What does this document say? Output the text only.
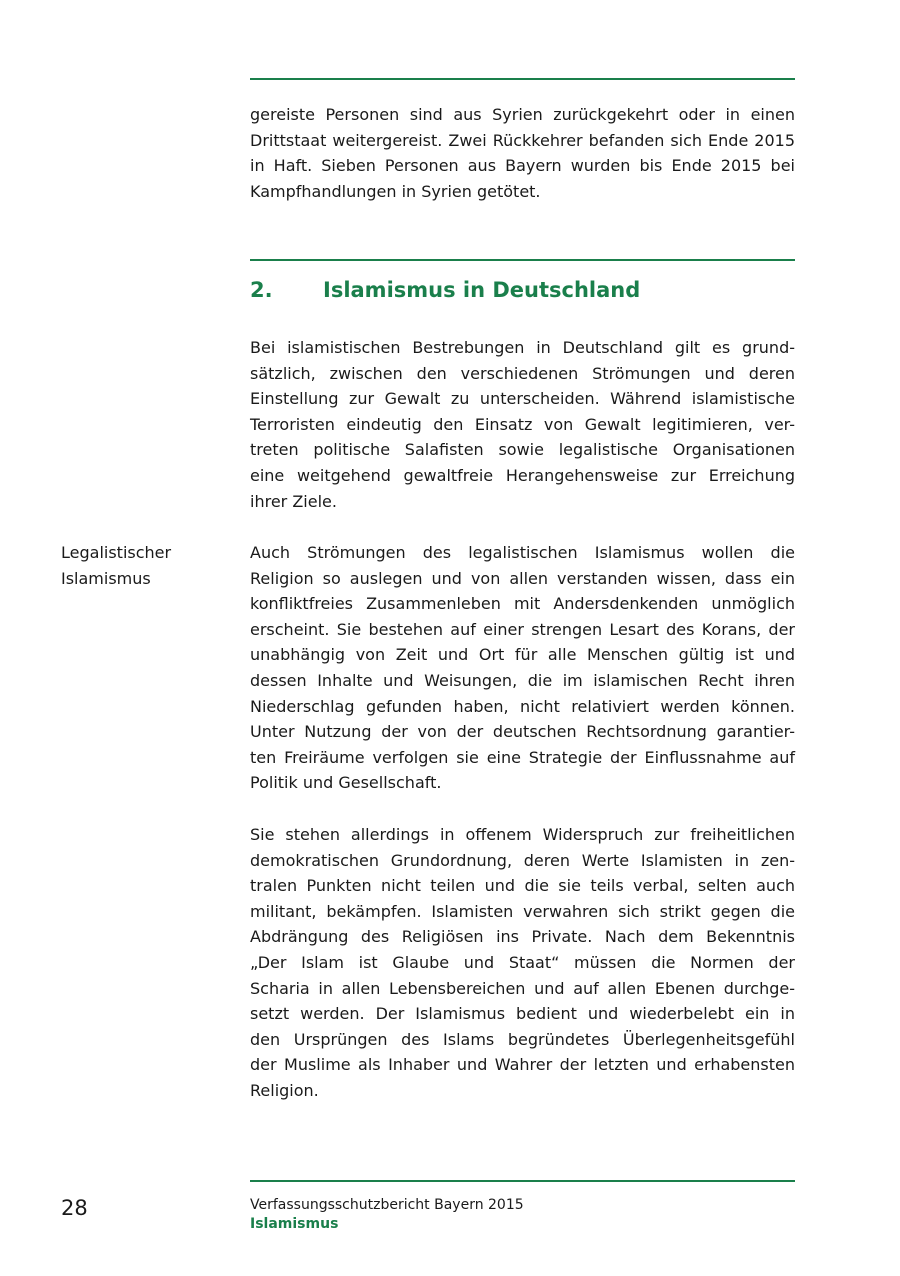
gereiste Personen sind aus Syrien zurückgekehrt oder in einen
Drittstaat weitergereist. Zwei Rückkehrer befanden sich Ende 2015
in Haft. Sieben Personen aus Bayern wurden bis Ende 2015 bei
Kampfhandlungen in Syrien getötet.

2.	Islamismus in Deutschland

Bei islamistischen Bestrebungen in Deutschland gilt es grund-
sätzlich, zwischen den verschiedenen Strömungen und deren
Einstellung zur Gewalt zu unterscheiden. Während islamistische
Terroristen eindeutig den Einsatz von Gewalt legitimieren, ver-
treten politische Salafisten sowie legalistische Organisationen
eine weitgehend gewaltfreie Herangehensweise zur Erreichung
ihrer Ziele.

Legalistischer
Islamismus

Auch Strömungen des legalistischen Islamismus wollen die
Religion so auslegen und von allen verstanden wissen, dass ein
konfliktfreies Zusammenleben mit Andersdenkenden unmöglich
erscheint. Sie bestehen auf einer strengen Lesart des Korans, der
unabhängig von Zeit und Ort für alle Menschen gültig ist und
dessen Inhalte und Weisungen, die im islamischen Recht ihren
Niederschlag gefunden haben, nicht relativiert werden können.
Unter Nutzung der von der deutschen Rechtsordnung garantier-
ten Freiräume verfolgen sie eine Strategie der Einflussnahme auf
Politik und Gesellschaft.

Sie stehen allerdings in offenem Widerspruch zur freiheitlichen
demokratischen Grundordnung, deren Werte Islamisten in zen-
tralen Punkten nicht teilen und die sie teils verbal, selten auch
militant, bekämpfen. Islamisten verwahren sich strikt gegen die
Abdrängung des Religiösen ins Private. Nach dem Bekenntnis
„Der Islam ist Glaube und Staat“ müssen die Normen der
Scharia in allen Lebensbereichen und auf allen Ebenen durchge-
setzt werden. Der Islamismus bedient und wiederbelebt ein in
den Ursprüngen des Islams begründetes Überlegenheitsgefühl
der Muslime als Inhaber und Wahrer der letzten und erhabensten
Religion.

28	Verfassungsschutzbericht Bayern 2015
Islamismus
